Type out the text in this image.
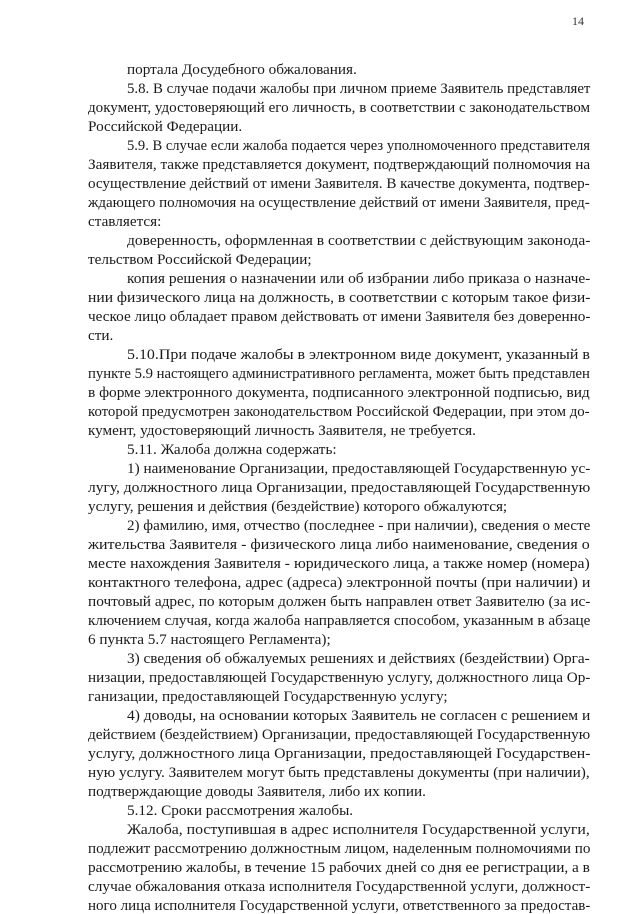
14
портала Досудебного обжалования.
5.8. В случае подачи жалобы при личном приеме Заявитель представляет
документ, удостоверяющий его личность, в соответствии с законодательством
Российской Федерации.
5.9. В случае если жалоба подается через уполномоченного представителя
Заявителя, также представляется документ, подтверждающий полномочия на
осуществление действий от имени Заявителя. В качестве документа, подтвер-
ждающего полномочия на осуществление действий от имени Заявителя, пред-
ставляется:
доверенность, оформленная в соответствии с действующим законода-
тельством Российской Федерации;
копия решения о назначении или об избрании либо приказа о назначе-
нии физического лица на должность, в соответствии с которым такое физи-
ческое лицо обладает правом действовать от имени Заявителя без доверенно-
сти.
5.10.При подаче жалобы в электронном виде документ, указанный в
пункте 5.9 настоящего административного регламента, может быть представлен
в форме электронного документа, подписанного электронной подписью, вид
которой предусмотрен законодательством Российской Федерации, при этом до-
кумент, удостоверяющий личность Заявителя, не требуется.
5.11. Жалоба должна содержать:
1) наименование Организации, предоставляющей Государственную ус-
лугу, должностного лица Организации, предоставляющей Государственную
услугу, решения и действия (бездействие) которого обжалуются;
2) фамилию, имя, отчество (последнее - при наличии), сведения о месте
жительства Заявителя - физического лица либо наименование, сведения о
месте нахождения Заявителя - юридического лица, а также номер (номера)
контактного телефона, адрес (адреса) электронной почты (при наличии) и
почтовый адрес, по которым должен быть направлен ответ Заявителю (за ис-
ключением случая, когда жалоба направляется способом, указанным в абзаце
6 пункта 5.7 настоящего Регламента);
3) сведения об обжалуемых решениях и действиях (бездействии) Орга-
низации, предоставляющей Государственную услугу, должностного лица Ор-
ганизации, предоставляющей Государственную услугу;
4) доводы, на основании которых Заявитель не согласен с решением и
действием (бездействием) Организации, предоставляющей Государственную
услугу, должностного лица Организации, предоставляющей Государствен-
ную услугу. Заявителем могут быть представлены документы (при наличии),
подтверждающие доводы Заявителя, либо их копии.
5.12. Сроки рассмотрения жалобы.
Жалоба, поступившая в адрес исполнителя Государственной услуги,
подлежит рассмотрению должностным лицом, наделенным полномочиями по
рассмотрению жалобы, в течение 15 рабочих дней со дня ее регистрации, а в
случае обжалования отказа исполнителя Государственной услуги, должност-
ного лица исполнителя Государственной услуги, ответственного за предостав-
